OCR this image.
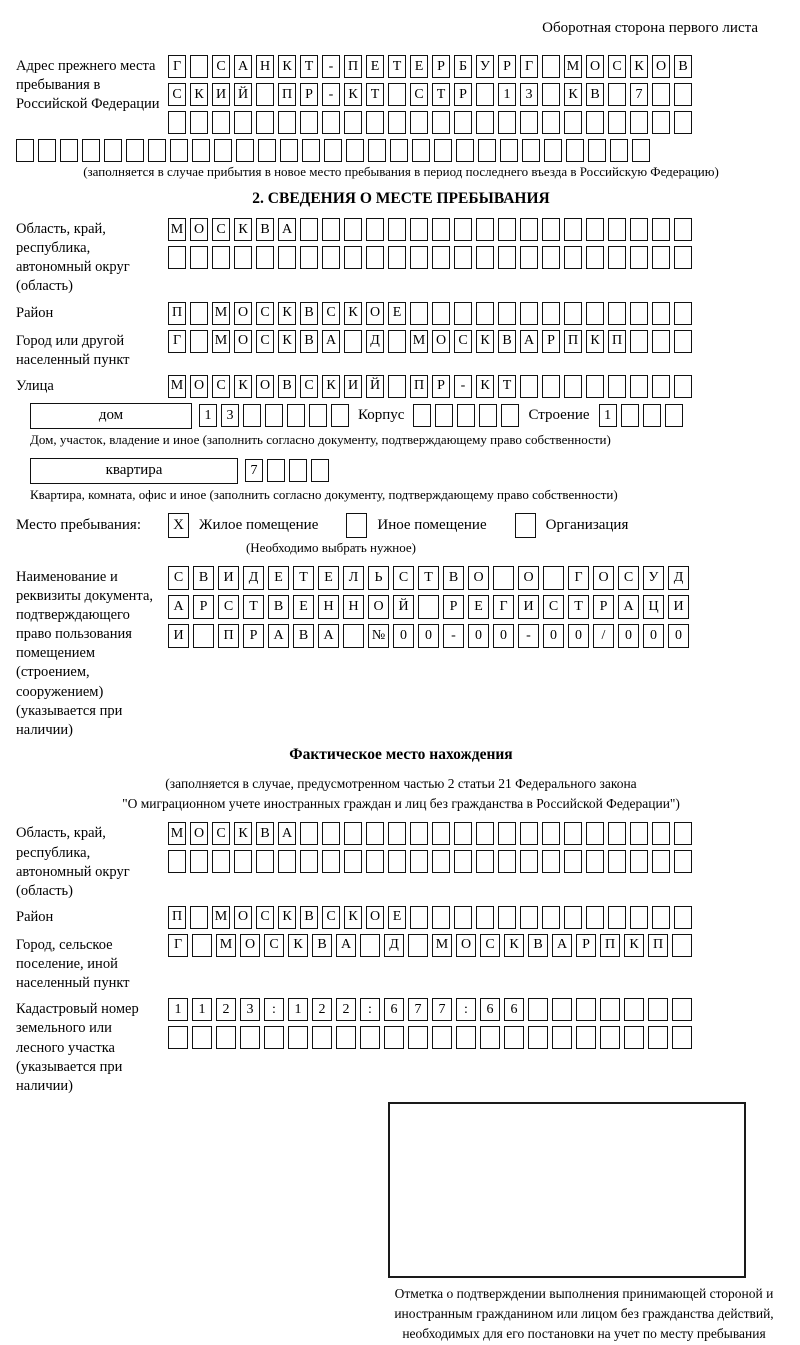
Оборотная сторона первого листа
Адрес прежнего места пребывания в Российской Федерации
Г	С А Н К Т	-	П Е Т Е Р	Б У Р	Г	М О С К О В
С К И Й П Р	-	К Т	С Т Р	1	3	К В	7
(заполняется в случае прибытия в новое место пребывания в период последнего въезда в Российскую Федерацию)
2. СВЕДЕНИЯ О МЕСТЕ ПРЕБЫВАНИЯ
Область, край, республика, автономный округ (область)
М О С К В А
Район	П М О С К В С К О Е
Город или другой населенный пункт
Г	М О С К В А	Д	М О С К В А Р П К П
Улица	М О С К О В С К И Й П Р	-	К Т
дом	1	3	Корпус	Строение	1
Дом, участок, владение и иное (заполнить согласно документу, подтверждающему право собственности)
квартира	7
Квартира, комната, офис и иное (заполнить согласно документу, подтверждающему право собственности)
Место пребывания:	X	Жилое помещение	Иное помещение	Организация
(Необходимо выбрать нужное)
Наименование и реквизиты документа, подтверждающего право пользования помещением (строением, сооружением) (указывается при наличии)
С	В	И	Д	Е	Т	Е	Л	Ь	С	Т	В	О	О	Г	О	С	У	Д
А	Р	С	Т	В	Е	Н	Н	О	Й	Р	Е	Г	И	С	Т	Р	А	Ц	И
И	П	Р	А	В	А	№	0	0	-	0	0	-	0	0	/	0	0	0
Фактическое место нахождения
(заполняется в случае, предусмотренном частью 2 статьи 21 Федерального закона
"О миграционном учете иностранных граждан и лиц без гражданства в Российской Федерации")
Область, край, республика, автономный округ (область)
М О С К В А
Район	П М О С К В С К О Е
Город, сельское поселение, иной населенный пункт
Г	М О	С	К	В	А	Д	М О	С	К	В	А	Р	П	К	П
Кадастровый номер земельного или лесного участка (указывается при наличии)
1	1	2	3	:	1	2	2	:	6	7	7	:	6	6
Отметка о подтверждении выполнения принимающей стороной и иностранным гражданином или лицом без гражданства действий, необходимых для его постановки на учет по месту пребывания
